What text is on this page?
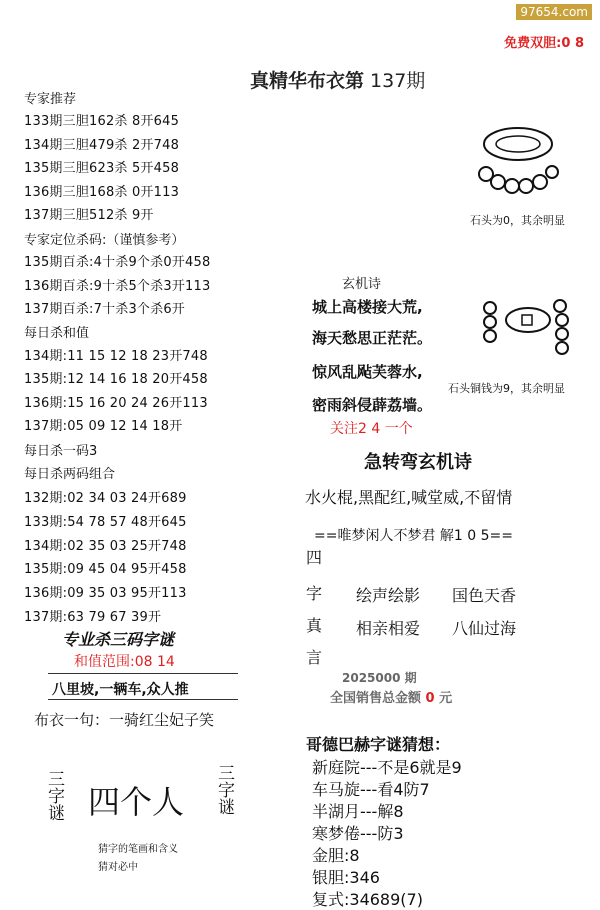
97654.com
免费双胆:0 8
真精华布衣第 137期
专家推荐
133期三胆162杀 8开645
134期三胆479杀 2开748
135期三胆623杀 5开458
136期三胆168杀 0开113
137期三胆512杀 9开
专家定位杀码:（谨慎参考）
135期百杀:4十杀9个杀0开458
136期百杀:9十杀5个杀3开113
137期百杀:7十杀3个杀6开
每日杀和值
134期:11 15 12 18 23开748
135期:12 14 16 18 20开458
136期:15 16 20 24 26开113
137期:05 09 12 14 18开
每日杀一码3
每日杀两码组合
132期:02 34 03 24开689
133期:54 78 57 48开645
134期:02 35 03 25开748
135期:09 45 04 95开458
136期:09 35 03 95开113
137期:63 79 67 39开
专业杀三码字谜
和值范围:08 14
八里坡,一辆车,众人推
布衣一句：一骑红尘妃子笑
三字谜 四个人 三字谜
猜字的笔画和含义
猜对必中
石头为0，其余明显
玄机诗
城上高楼接大荒,
海天愁思正茫茫。
惊风乱飐芙蓉水,
密雨斜侵薜荔墙。
关注2 4 一个
石头铜钱为9，其余明显
急转弯玄机诗
水火棍,黑配红,喊堂威,不留情
==唯梦闲人不梦君 解1 0 5==
四
字
真
言
绘声绘影 国色天香
相亲相爱 八仙过海
2025000 期
全国销售总金额 0 元
哥德巴赫字谜猜想：
新庭院---不是6就是9
车马旋---看4防7
半湖月---解8
寒梦倦---防3
金胆:8
银胆:346
复式:34689(7)
